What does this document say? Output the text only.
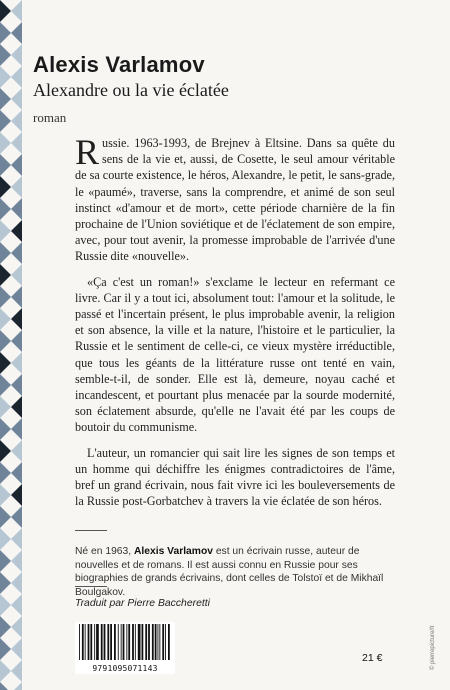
Alexis Varlamov
Alexandre ou la vie éclatée
roman

Russie. 1963-1993, de Brejnev à Eltsine. Dans sa quête du sens de la vie et, aussi, de Cosette, le seul amour véritable de sa courte existence, le héros, Alexandre, le petit, le sans-grade, le «paumé», traverse, sans la comprendre, et animé de son seul instinct «d'amour et de mort», cette période charnière de la fin prochaine de l'Union soviétique et de l'éclatement de son empire, avec, pour tout avenir, la promesse improbable de l'arrivée d'une Russie dite «nouvelle».

«Ça c'est un roman!» s'exclame le lecteur en refermant ce livre. Car il y a tout ici, absolument tout: l'amour et la solitude, le passé et l'incertain présent, le plus improbable avenir, la religion et son absence, la ville et la nature, l'histoire et le particulier, la Russie et le sentiment de celle-ci, ce vieux mystère irréductible, que tous les géants de la littérature russe ont tenté en vain, semble-t-il, de sonder. Elle est là, demeure, noyau caché et incandescent, et pourtant plus menacée par la sourde modernité, son éclatement absurde, qu'elle ne l'avait été par les coups de boutoir du communisme.

L'auteur, un romancier qui sait lire les signes de son temps et un homme qui déchiffre les énigmes contradictoires de l'âme, bref un grand écrivain, nous fait vivre ici les bouleversements de la Russie post-Gorbatchev à travers la vie éclatée de son héros.

Né en 1963, Alexis Varlamov est un écrivain russe, auteur de nouvelles et de romans. Il est aussi connu en Russie pour ses biographies de grands écrivains, dont celles de Tolstoï et de Mikhaïl Boulgakov.
Traduit par Pierre Baccheretti
9791095071143
21 €	© pierrepicture/fr
